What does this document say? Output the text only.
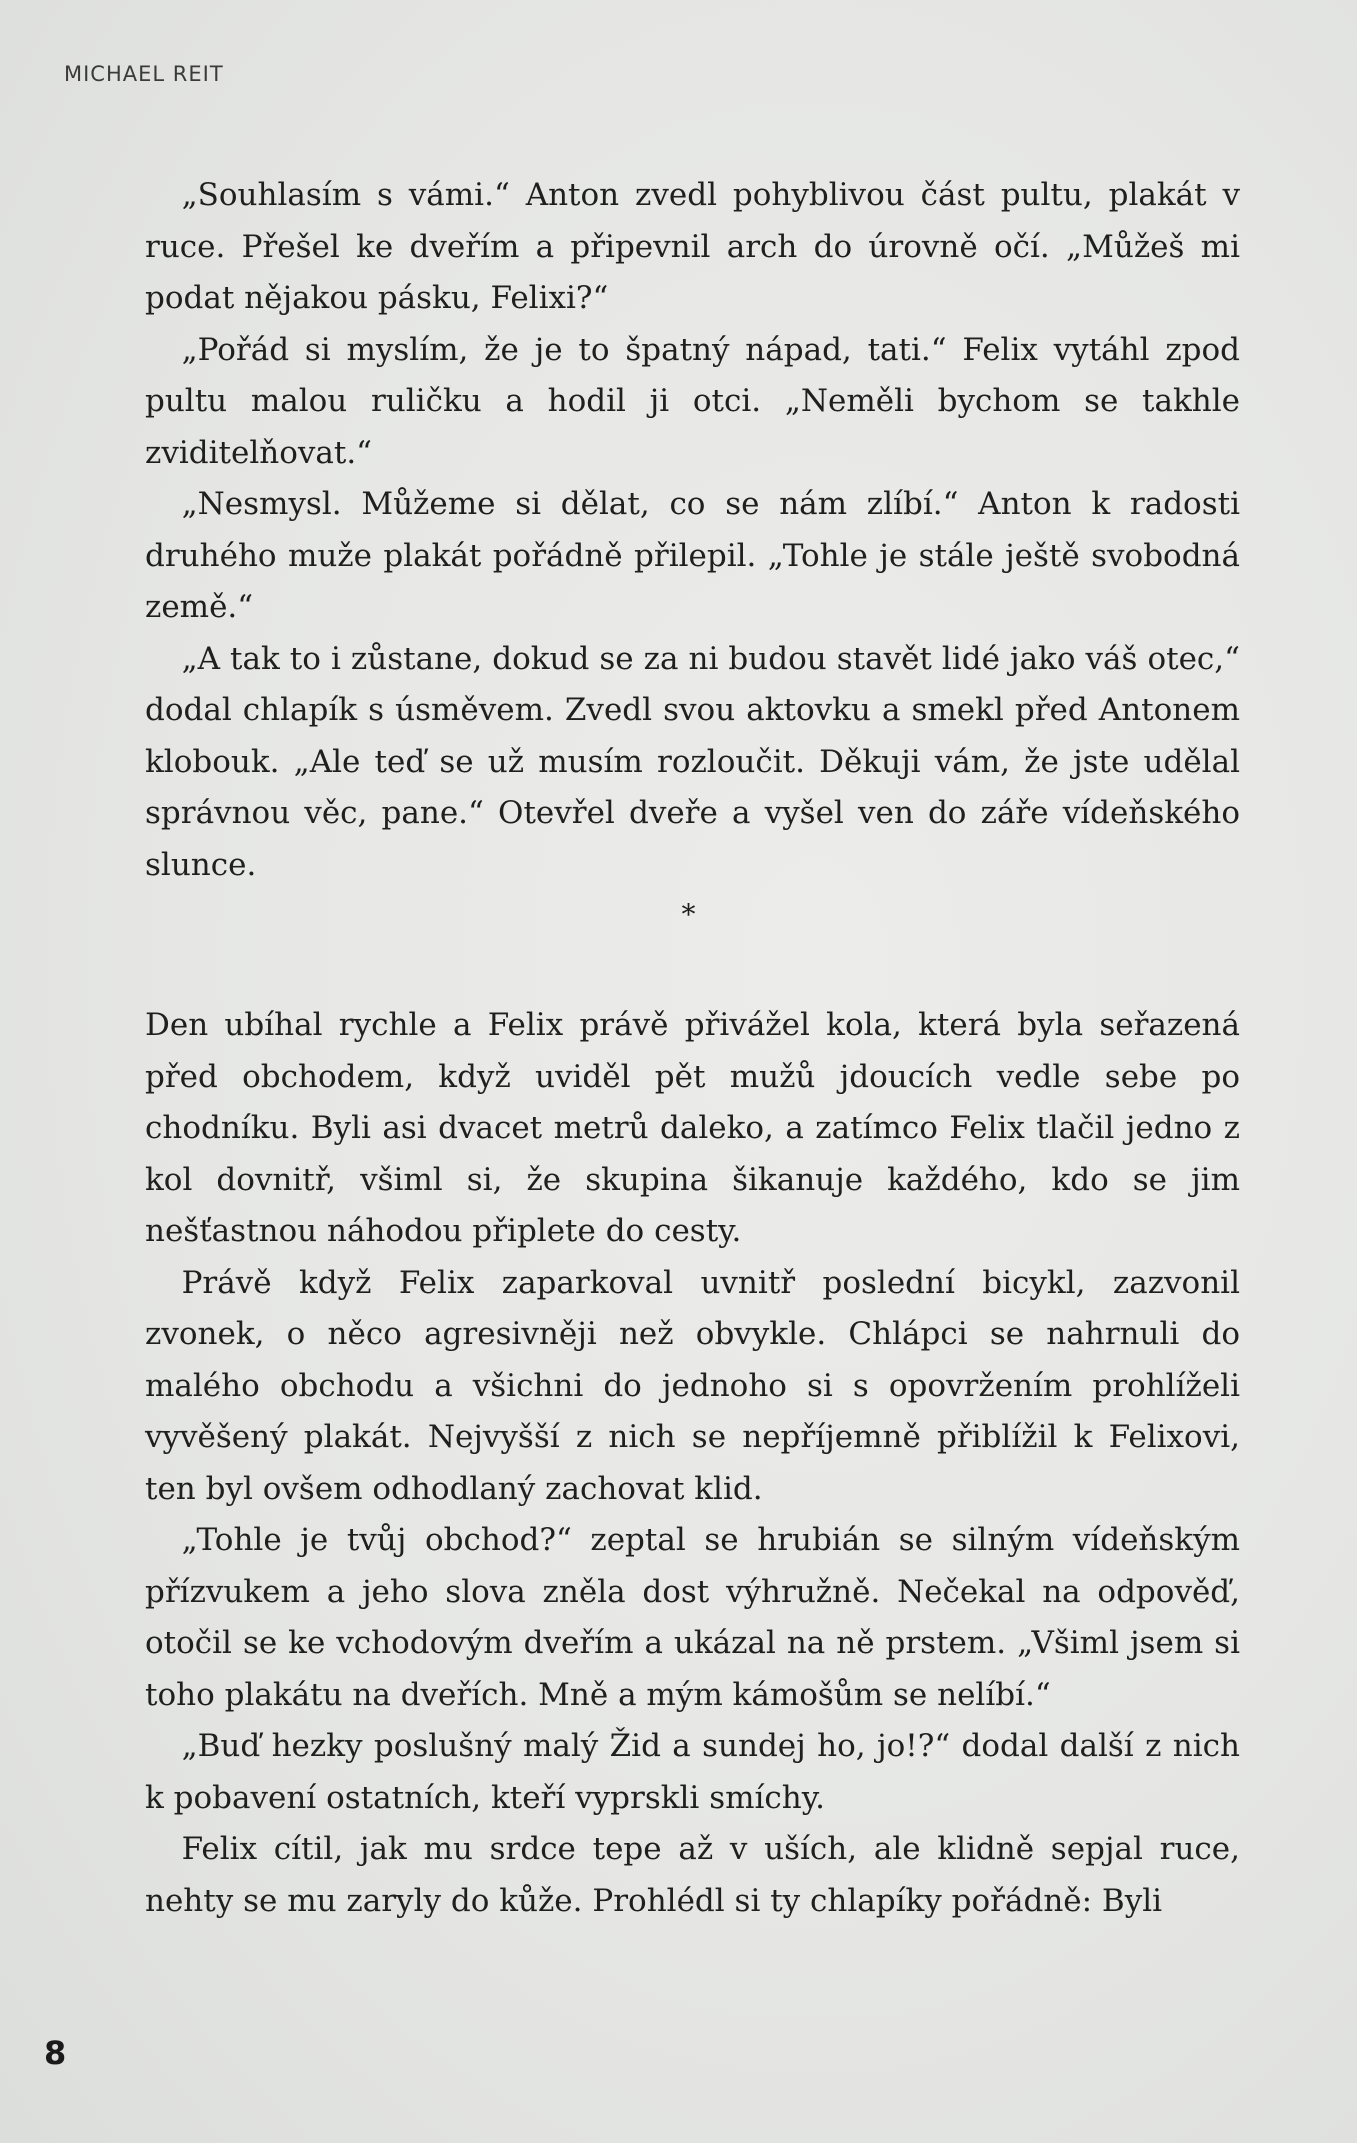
MICHAEL REIT

„Souhlasím s vámi.“ Anton zvedl pohyblivou část pultu, plakát v ruce. Přešel ke dveřím a připevnil arch do úrovně očí. „Můžeš mi podat nějakou pásku, Felixi?“

„Pořád si myslím, že je to špatný nápad, tati.“ Felix vytáhl zpod pultu malou ruličku a hodil ji otci. „Neměli bychom se takhle zviditelňovat.“

„Nesmysl. Můžeme si dělat, co se nám zlíbí.“ Anton k radosti druhého muže plakát pořádně přilepil. „Tohle je stále ještě svobodná země.“

„A tak to i zůstane, dokud se za ni budou stavět lidé jako váš otec,“ dodal chlapík s úsměvem. Zvedl svou aktovku a smekl před Antonem klobouk. „Ale teď se už musím rozloučit. Děkuji vám, že jste udělal správnou věc, pane.“ Otevřel dveře a vyšel ven do záře vídeňského slunce.

*

Den ubíhal rychle a Felix právě přivážel kola, která byla seřazená před obchodem, když uviděl pět mužů jdoucích vedle sebe po chodníku. Byli asi dvacet metrů daleko, a zatímco Felix tlačil jedno z kol dovnitř, všiml si, že skupina šikanuje každého, kdo se jim nešťastnou náhodou připlete do cesty.

Právě když Felix zaparkoval uvnitř poslední bicykl, zazvonil zvonek, o něco agresivněji než obvykle. Chlápci se nahrnuli do malého obchodu a všichni do jednoho si s opovržením prohlíželi vyvěšený plakát. Nejvyšší z nich se nepříjemně přiblížil k Felixovi, ten byl ovšem odhodlaný zachovat klid.

„Tohle je tvůj obchod?“ zeptal se hrubián se silným vídeňským přízvukem a jeho slova zněla dost výhružně. Nečekal na odpověď, otočil se ke vchodovým dveřím a ukázal na ně prstem. „Všiml jsem si toho plakátu na dveřích. Mně a mým kámošům se nelíbí.“

„Buď hezky poslušný malý Žid a sundej ho, jo!?“ dodal další z nich k pobavení ostatních, kteří vyprskli smíchy.

Felix cítil, jak mu srdce tepe až v uších, ale klidně sepjal ruce, nehty se mu zaryly do kůže. Prohlédl si ty chlapíky pořádně: Byli

8
